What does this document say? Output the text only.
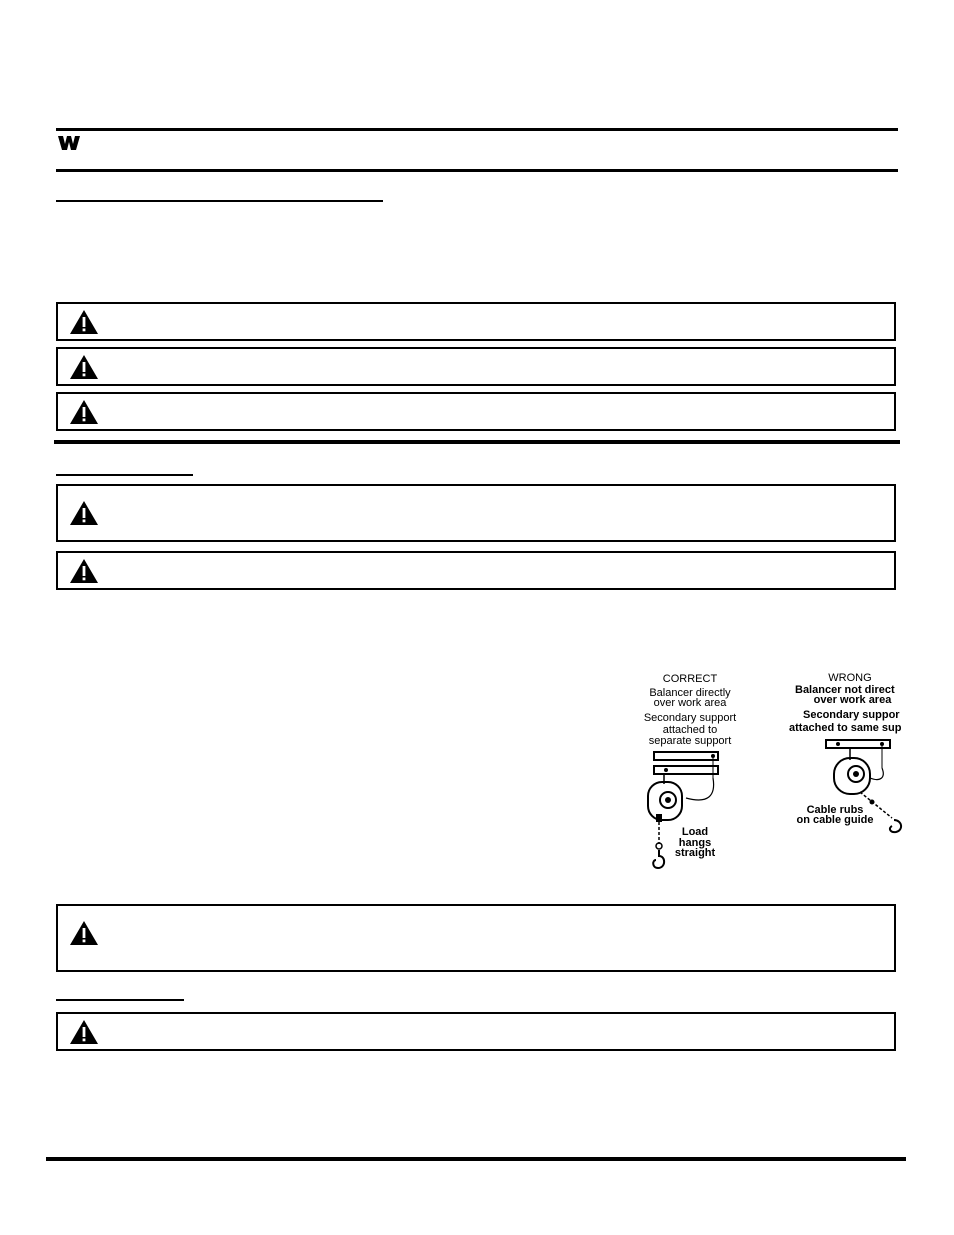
CORRECT
Balancer directly
over work area
Secondary support
attached to
separate support
Load
hangs
straight
WRONG
Balancer not direct
over work area
Secondary suppor
attached to same sup
Cable rubs
on cable guide
